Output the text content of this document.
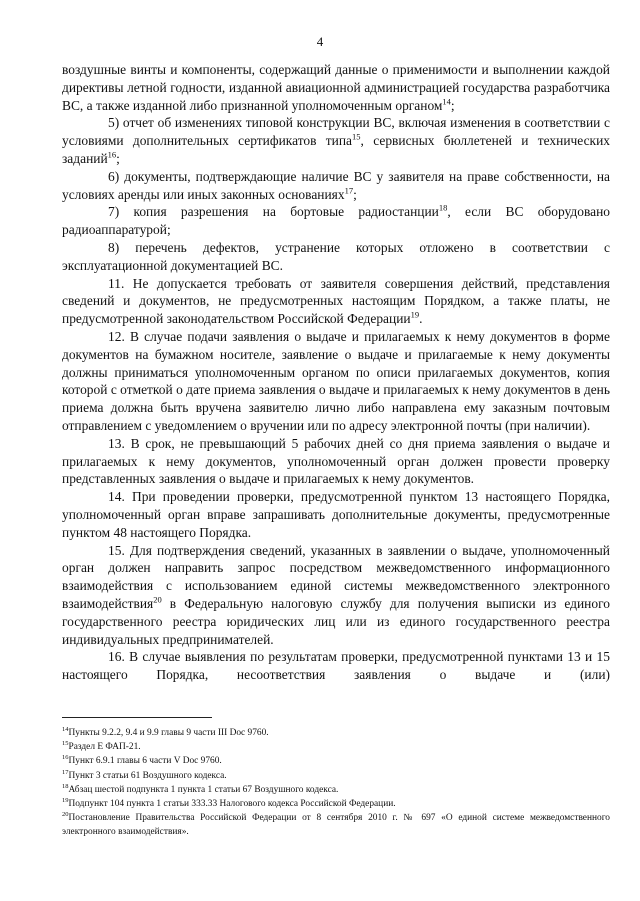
4

воздушные винты и компоненты, содержащий данные о применимости и выполнении каждой директивы летной годности, изданной авиационной администрацией государства разработчика ВС, а также изданной либо признанной уполномоченным органом$^{14}$;

5) отчет об изменениях типовой конструкции ВС, включая изменения в соответствии с условиями дополнительных сертификатов типа$^{15}$, сервисных бюллетеней и технических заданий$^{16}$;

6) документы, подтверждающие наличие ВС у заявителя на праве собственности, на условиях аренды или иных законных основаниях$^{17}$;

7) копия разрешения на бортовые радиостанции$^{18}$, если ВС оборудовано радиоаппаратурой;

8) перечень дефектов, устранение которых отложено в соответствии с эксплуатационной документацией ВС.

11. Не допускается требовать от заявителя совершения действий, представления сведений и документов, не предусмотренных настоящим Порядком, а также платы, не предусмотренной законодательством Российской Федерации$^{19}$.

12. В случае подачи заявления о выдаче и прилагаемых к нему документов в форме документов на бумажном носителе, заявление о выдаче и прилагаемые к нему документы должны приниматься уполномоченным органом по описи прилагаемых документов, копия которой с отметкой о дате приема заявления о выдаче и прилагаемых к нему документов в день приема должна быть вручена заявителю лично либо направлена ему заказным почтовым отправлением с уведомлением о вручении или по адресу электронной почты (при наличии).

13. В срок, не превышающий 5 рабочих дней со дня приема заявления о выдаче и прилагаемых к нему документов, уполномоченный орган должен провести проверку представленных заявления о выдаче и прилагаемых к нему документов.

14. При проведении проверки, предусмотренной пунктом 13 настоящего Порядка, уполномоченный орган вправе запрашивать дополнительные документы, предусмотренные пунктом 48 настоящего Порядка.

15. Для подтверждения сведений, указанных в заявлении о выдаче, уполномоченный орган должен направить запрос посредством межведомственного информационного взаимодействия с использованием единой системы межведомственного электронного взаимодействия$^{20}$ в Федеральную налоговую службу для получения выписки из единого государственного реестра юридических лиц или из единого государственного реестра индивидуальных предпринимателей.

16. В случае выявления по результатам проверки, предусмотренной пунктами 13 и 15 настоящего Порядка, несоответствия заявления о выдаче и (или)

$^{14}$Пункты 9.2.2, 9.4 и 9.9 главы 9 части III Doc 9760.

$^{15}$Раздел E ФАП-21.

$^{16}$Пункт 6.9.1 главы 6 части V Doc 9760.

$^{17}$Пункт 3 статьи 61 Воздушного кодекса.

$^{18}$Абзац шестой подпункта 1 пункта 1 статьи 67 Воздушного кодекса.

$^{19}$Подпункт 104 пункта 1 статьи 333.33 Налогового кодекса Российской Федерации.

$^{20}$Постановление Правительства Российской Федерации от 8 сентября 2010 г. № 697 «О единой системе межведомственного электронного взаимодействия».
